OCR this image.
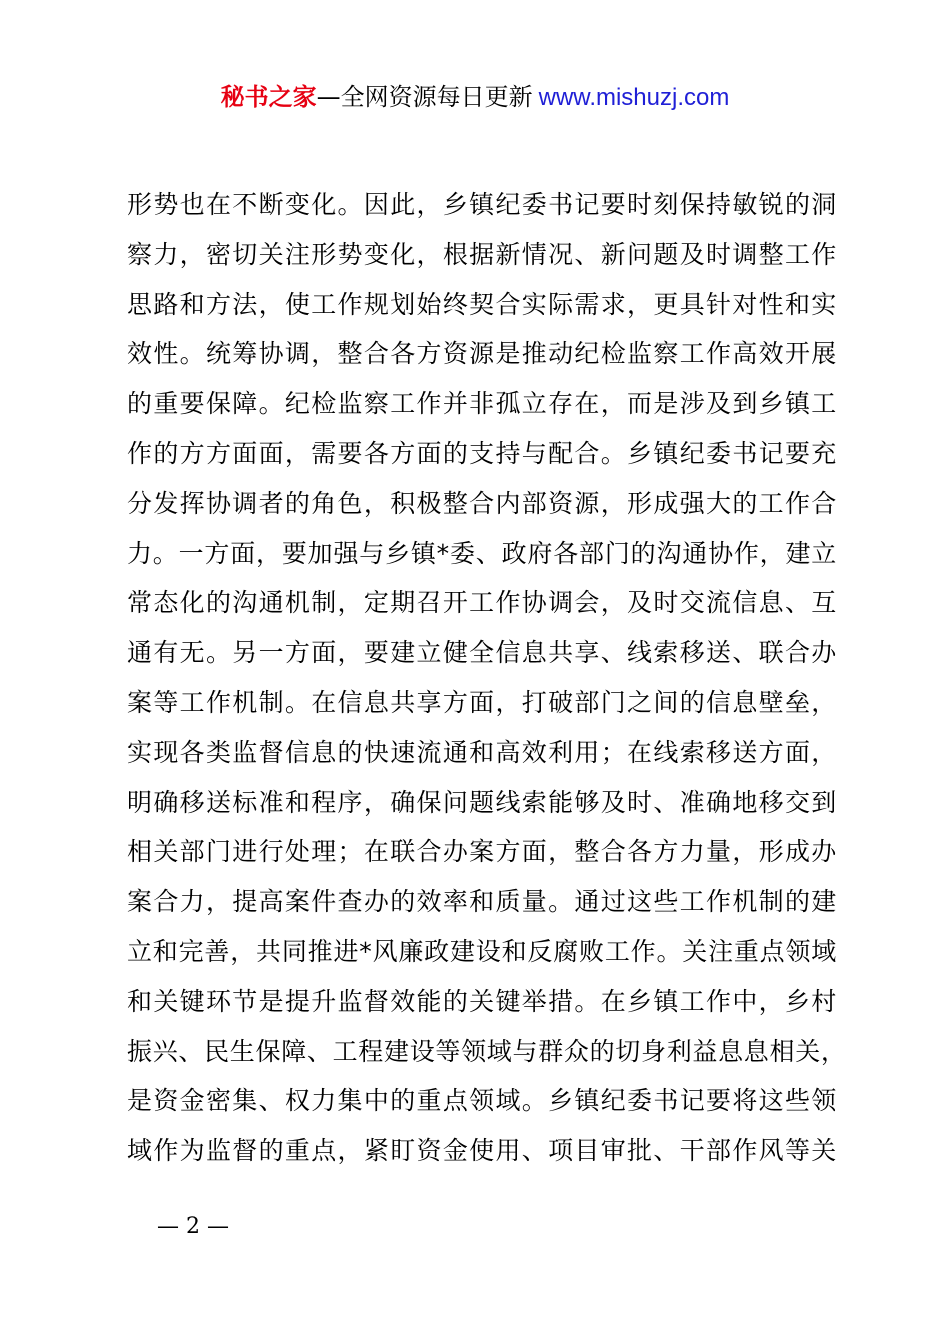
秘书之家—全网资源每日更新 www.mishuzj.com
形势也在不断变化。因此，乡镇纪委书记要时刻保持敏锐的洞
察力，密切关注形势变化，根据新情况、新问题及时调整工作
思路和方法，使工作规划始终契合实际需求，更具针对性和实
效性。统筹协调，整合各方资源是推动纪检监察工作高效开展
的重要保障。纪检监察工作并非孤立存在，而是涉及到乡镇工
作的方方面面，需要各方面的支持与配合。乡镇纪委书记要充
分发挥协调者的角色，积极整合内部资源，形成强大的工作合
力。一方面，要加强与乡镇*委、政府各部门的沟通协作，建立
常态化的沟通机制，定期召开工作协调会，及时交流信息、互
通有无。另一方面，要建立健全信息共享、线索移送、联合办
案等工作机制。在信息共享方面，打破部门之间的信息壁垒，
实现各类监督信息的快速流通和高效利用；在线索移送方面，
明确移送标准和程序，确保问题线索能够及时、准确地移交到
相关部门进行处理；在联合办案方面，整合各方力量，形成办
案合力，提高案件查办的效率和质量。通过这些工作机制的建
立和完善，共同推进*风廉政建设和反腐败工作。关注重点领域
和关键环节是提升监督效能的关键举措。在乡镇工作中，乡村
振兴、民生保障、工程建设等领域与群众的切身利益息息相关，
是资金密集、权力集中的重点领域。乡镇纪委书记要将这些领
域作为监督的重点，紧盯资金使用、项目审批、干部作风等关
— 2 —
